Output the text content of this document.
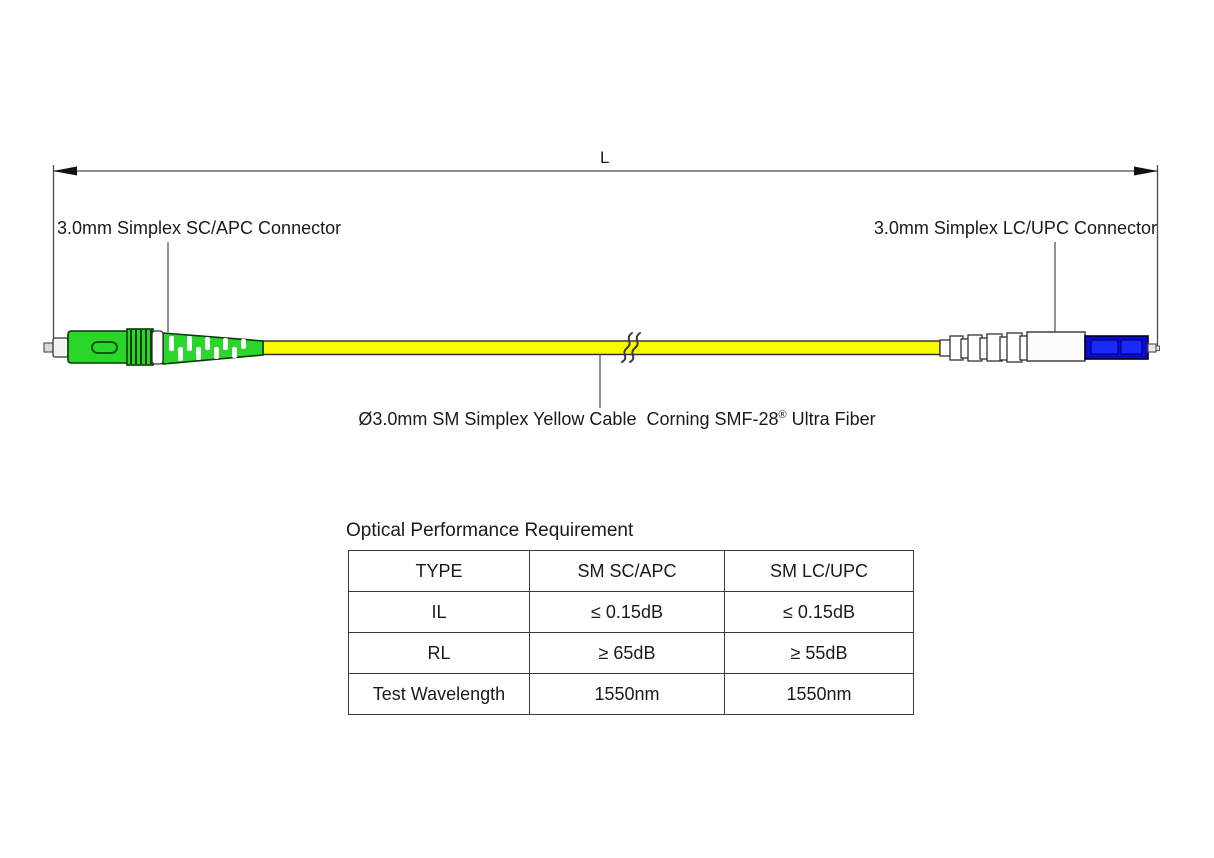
L
3.0mm Simplex SC/APC Connector	3.0mm Simplex LC/UPC Connector
Ø3.0mm SM Simplex Yellow Cable  Corning SMF-28® Ultra Fiber
Optical Performance Requirement
TYPE	SM SC/APC	SM LC/UPC
IL	≤ 0.15dB	≤ 0.15dB
RL	≥ 65dB	≥ 55dB
Test Wavelength	1550nm	1550nm
